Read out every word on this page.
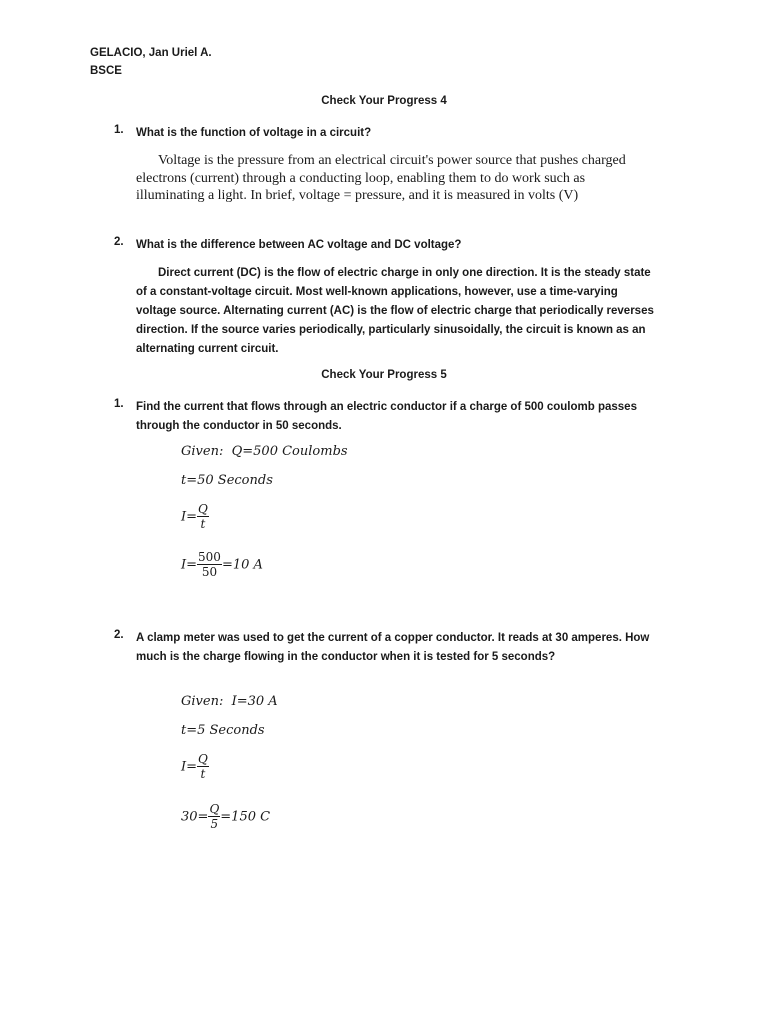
GELACIO, Jan Uriel A.
BSCE
Check Your Progress 4
1. What is the function of voltage in a circuit?
Voltage is the pressure from an electrical circuit's power source that pushes charged electrons (current) through a conducting loop, enabling them to do work such as illuminating a light. In brief, voltage = pressure, and it is measured in volts (V)
2. What is the difference between AC voltage and DC voltage?
Direct current (DC) is the flow of electric charge in only one direction. It is the steady state of a constant-voltage circuit. Most well-known applications, however, use a time-varying voltage source. Alternating current (AC) is the flow of electric charge that periodically reverses direction. If the source varies periodically, particularly sinusoidally, the circuit is known as an alternating current circuit.
Check Your Progress 5
1. Find the current that flows through an electric conductor if a charge of 500 coulomb passes through the conductor in 50 seconds.
Given: Q=500 Coulombs
t=50 Seconds
$I= \frac{Q}{t}$
$I= \frac{500}{50} =10$ A
2. A clamp meter was used to get the current of a copper conductor. It reads at 30 amperes. How much is the charge flowing in the conductor when it is tested for 5 seconds?
Given: I=30 A
t=5 Seconds
$I= \frac{Q}{t}$
$30= \frac{Q}{5} =150$ C
